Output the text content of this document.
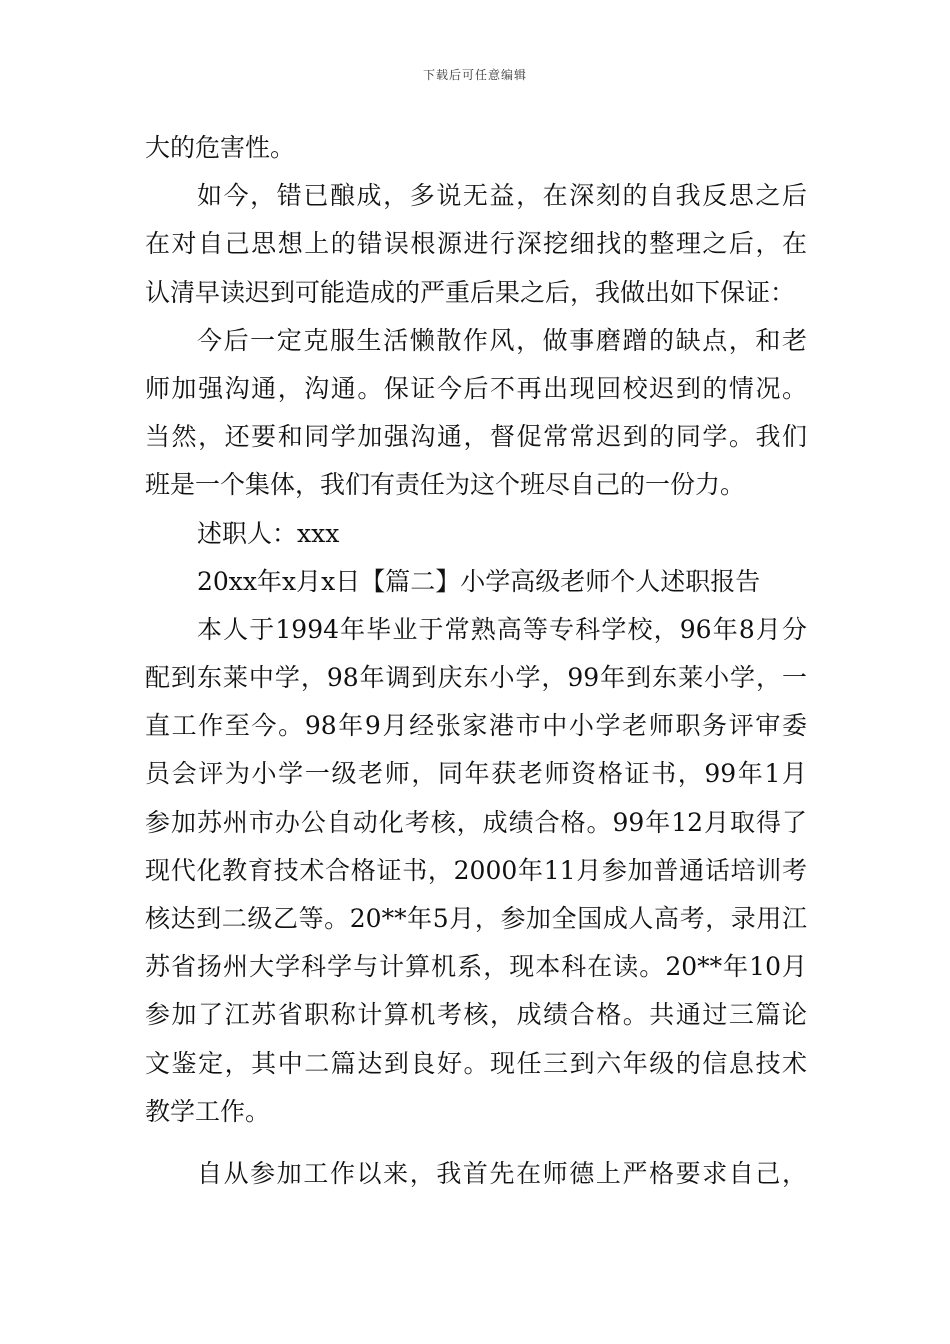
下载后可任意编辑
大的危害性。
如今，错已酿成，多说无益，在深刻的自我反思之后
在对自己思想上的错误根源进行深挖细找的整理之后，在
认清早读迟到可能造成的严重后果之后，我做出如下保证：
今后一定克服生活懒散作风，做事磨蹭的缺点，和老
师加强沟通，沟通。保证今后不再出现回校迟到的情况。
当然，还要和同学加强沟通，督促常常迟到的同学。我们
班是一个集体，我们有责任为这个班尽自己的一份力。
述职人：xxx
20xx年x月x日【篇二】小学高级老师个人述职报告
本人于1994年毕业于常熟高等专科学校，96年8月分
配到东莱中学，98年调到庆东小学，99年到东莱小学，一
直工作至今。98年9月经张家港市中小学老师职务评审委
员会评为小学一级老师，同年获老师资格证书，99年1月
参加苏州市办公自动化考核，成绩合格。99年12月取得了
现代化教育技术合格证书，2000年11月参加普通话培训考
核达到二级乙等。20**年5月，参加全国成人高考，录用江
苏省扬州大学科学与计算机系，现本科在读。20**年10月
参加了江苏省职称计算机考核，成绩合格。共通过三篇论
文鉴定，其中二篇达到良好。现任三到六年级的信息技术
教学工作。
自从参加工作以来，我首先在师德上严格要求自己，
